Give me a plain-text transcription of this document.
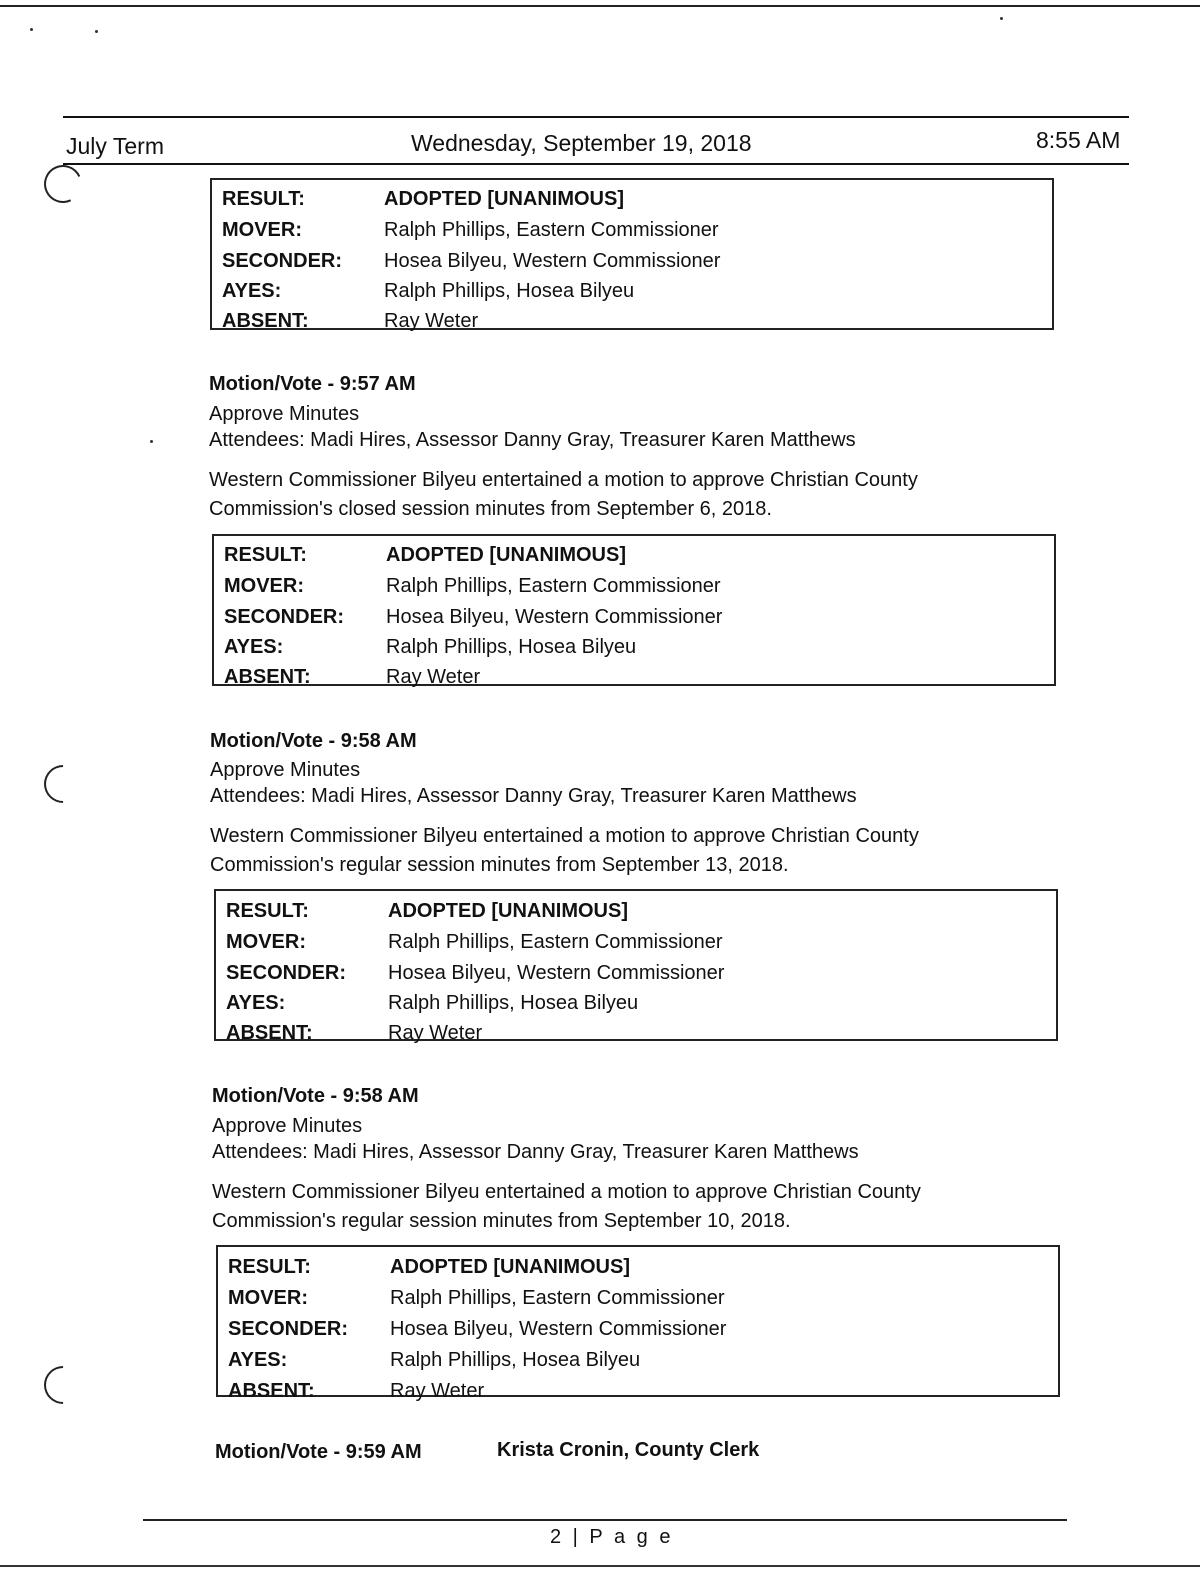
July Term	Wednesday, September 19, 2018	8:55 AM
RESULT:	ADOPTED [UNANIMOUS]
MOVER:	Ralph Phillips, Eastern Commissioner
SECONDER: Hosea Bilyeu, Western Commissioner
AYES:	Ralph Phillips, Hosea Bilyeu
ABSENT:	Ray Weter
Motion/Vote - 9:57 AM
Approve Minutes
Attendees: Madi Hires, Assessor Danny Gray, Treasurer Karen Matthews
Western Commissioner Bilyeu entertained a motion to approve Christian County
Commission's closed session minutes from September 6, 2018.
RESULT:	ADOPTED [UNANIMOUS]
MOVER:	Ralph Phillips, Eastern Commissioner
SECONDER: Hosea Bilyeu, Western Commissioner
AYES:	Ralph Phillips, Hosea Bilyeu
ABSENT:	Ray Weter
Motion/Vote - 9:58 AM
Approve Minutes
Attendees: Madi Hires, Assessor Danny Gray, Treasurer Karen Matthews
Western Commissioner Bilyeu entertained a motion to approve Christian County
Commission's regular session minutes from September 13, 2018.
RESULT:	ADOPTED [UNANIMOUS]
MOVER:	Ralph Phillips, Eastern Commissioner
SECONDER: Hosea Bilyeu, Western Commissioner
AYES:	Ralph Phillips, Hosea Bilyeu
ABSENT:	Ray Weter
Motion/Vote - 9:58 AM
Approve Minutes
Attendees: Madi Hires, Assessor Danny Gray, Treasurer Karen Matthews
Western Commissioner Bilyeu entertained a motion to approve Christian County
Commission's regular session minutes from September 10, 2018.
RESULT:	ADOPTED [UNANIMOUS]
MOVER:	Ralph Phillips, Eastern Commissioner
SECONDER: Hosea Bilyeu, Western Commissioner
AYES:	Ralph Phillips, Hosea Bilyeu
ABSENT:	Ray Weter
Motion/Vote - 9:59 AM	Krista Cronin, County Clerk
2 | P a g e
